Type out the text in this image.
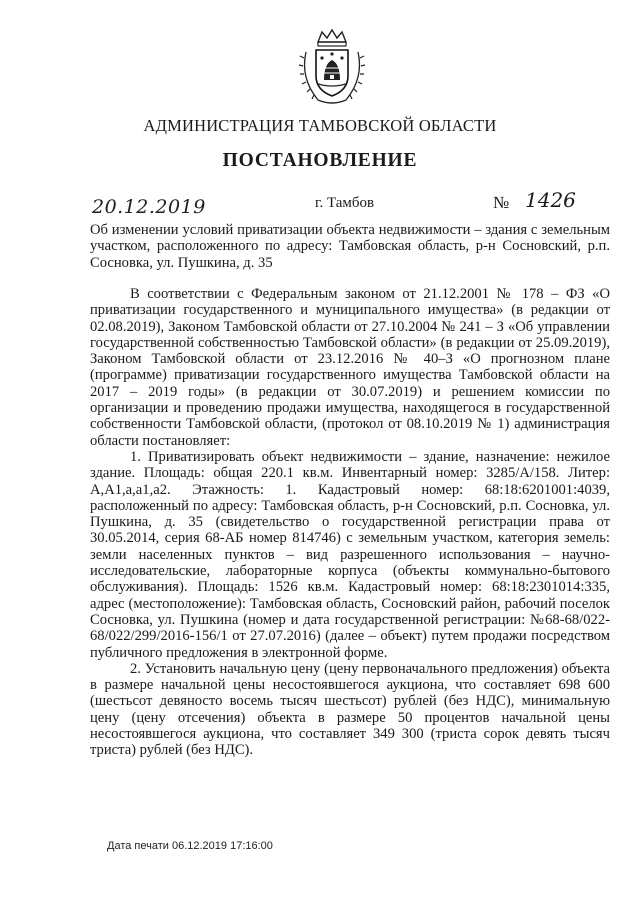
АДМИНИСТРАЦИЯ ТАМБОВСКОЙ ОБЛАСТИ
ПОСТАНОВЛЕНИЕ
20.12.2019	г. Тамбов	№ 1426
Об изменении условий приватизации объекта недвижимости – здания с земельным участком, расположенного по адресу: Тамбовская область, р-н Сосновский, р.п. Сосновка, ул. Пушкина, д. 35

В соответствии с Федеральным законом от 21.12.2001 № 178 – ФЗ «О приватизации государственного и муниципального имущества» (в редакции от 02.08.2019), Законом Тамбовской области от 27.10.2004 № 241 – З «Об управлении государственной собственностью Тамбовской области» (в редакции от 25.09.2019), Законом Тамбовской области от 23.12.2016 № 40–З «О прогнозном плане (программе) приватизации государственного имущества Тамбовской области на 2017 – 2019 годы» (в редакции от 30.07.2019) и решением комиссии по организации и проведению продажи имущества, находящегося в государственной собственности Тамбовской области, (протокол от 08.10.2019 № 1) администрация области постановляет:

1. Приватизировать объект недвижимости – здание, назначение: нежилое здание. Площадь: общая 220.1 кв.м. Инвентарный номер: 3285/А/158. Литер: А,А1,а,а1,а2. Этажность: 1. Кадастровый номер: 68:18:6201001:4039, расположенный по адресу: Тамбовская область, р-н Сосновский, р.п. Сосновка, ул. Пушкина, д. 35 (свидетельство о государственной регистрации права от 30.05.2014, серия 68-АБ номер 814746) с земельным участком, категория земель: земли населенных пунктов – вид разрешенного использования – научно-исследовательские, лабораторные корпуса (объекты коммунально-бытового обслуживания). Площадь: 1526 кв.м. Кадастровый номер: 68:18:2301014:335, адрес (местоположение): Тамбовская область, Сосновский район, рабочий поселок Сосновка, ул. Пушкина (номер и дата государственной регистрации: №68-68/022-68/022/299/2016-156/1 от 27.07.2016) (далее – объект) путем продажи посредством публичного предложения в электронной форме.

2. Установить начальную цену (цену первоначального предложения) объекта в размере начальной цены несостоявшегося аукциона, что составляет 698 600 (шестьсот девяносто восемь тысяч шестьсот) рублей (без НДС), минимальную цену (цену отсечения) объекта в размере 50 процентов начальной цены несостоявшегося аукциона, что составляет 349 300 (триста сорок девять тысяч триста) рублей (без НДС).

Дата печати 06.12.2019 17:16:00
